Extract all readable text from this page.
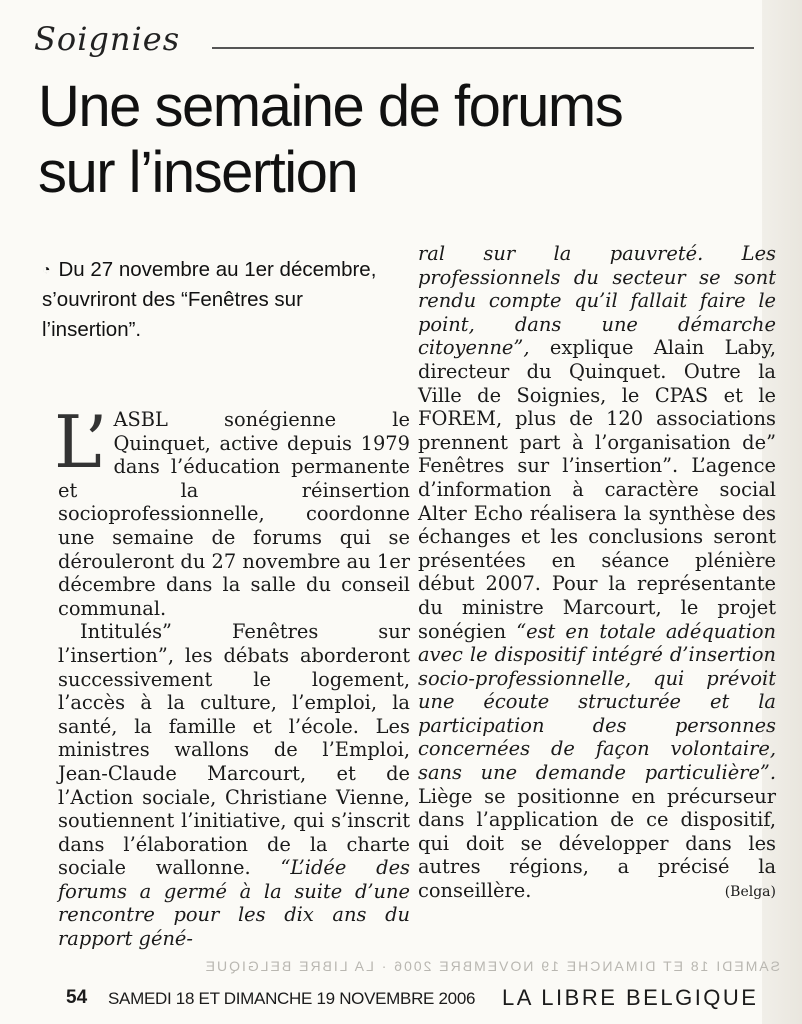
Soignies
Une semaine de forums
sur l’insertion
◔ Du 27 novembre au 1er décembre, s’ouvriront des “Fenêtres sur l’insertion”.

L’ ASBL sonégienne le Quinquet, active depuis 1979 dans l’éducation permanente et la réinsertion socioprofessionnelle, coordonne une semaine de forums qui se dérouleront du 27 novembre au 1er décembre dans la salle du conseil communal.

Intitulés” Fenêtres sur l’insertion”, les débats aborderont successivement le logement, l’accès à la culture, l’emploi, la santé, la famille et l’école. Les ministres wallons de l’Emploi, Jean-Claude Marcourt, et de l’Action sociale, Christiane Vienne, soutiennent l’initiative, qui s’inscrit dans l’élaboration de la charte sociale wallonne. “L’idée des forums a germé à la suite d’une rencontre pour les dix ans du rapport géné-

ral sur la pauvreté. Les professionnels du secteur se sont rendu compte qu’il fallait faire le point, dans une démarche citoyenne”, explique Alain Laby, directeur du Quinquet. Outre la Ville de Soignies, le CPAS et le FOREM, plus de 120 associations prennent part à l’organisation de” Fenêtres sur l’insertion”. L’agence d’information à caractère social Alter Echo réalisera la synthèse des échanges et les conclusions seront présentées en séance plénière début 2007. Pour la représentante du ministre Marcourt, le projet sonégien “est en totale adéquation avec le dispositif intégré d’insertion socio-professionnelle, qui prévoit une écoute structurée et la participation des personnes concernées de façon volontaire, sans une demande particulière”. Liège se positionne en précurseur dans l’application de ce dispositif, qui doit se développer dans les autres régions, a précisé la conseillère.	(Belga)

SAMEDI 18 ET DIMANCHE 19 NOVEMBRE 2006 · LA LIBRE BELGIQUE
54 SAMEDI 18 ET DIMANCHE 19 NOVEMBRE 2006 LA LIBRE BELGIQUE
